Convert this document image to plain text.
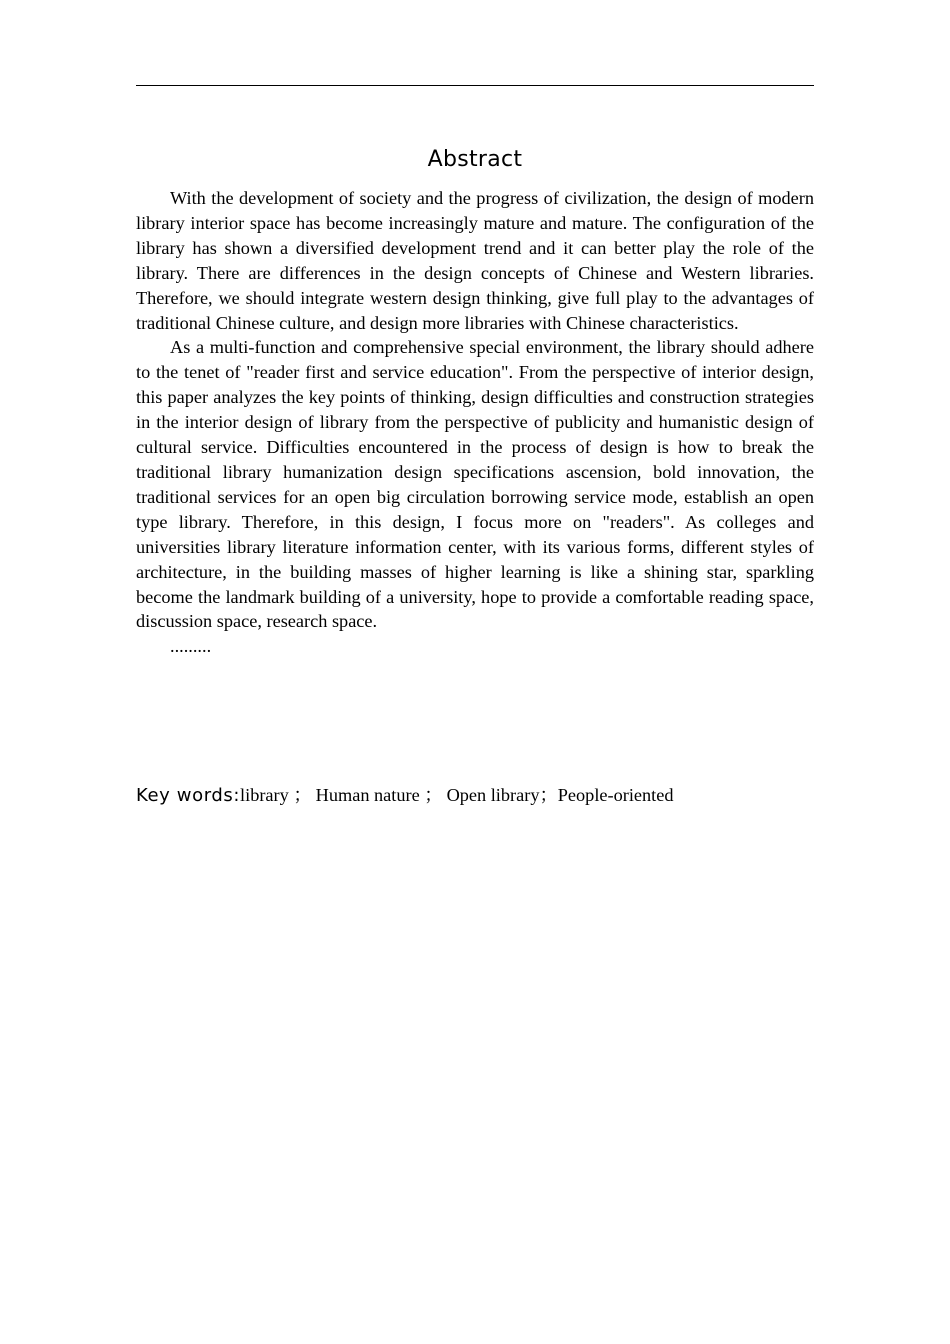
Abstract

With the development of society and the progress of civilization, the design of modern library interior space has become increasingly mature and mature. The configuration of the library has shown a diversified development trend and it can better play the role of the library. There are differences in the design concepts of Chinese and Western libraries. Therefore, we should integrate western design thinking, give full play to the advantages of traditional Chinese culture, and design more libraries with Chinese characteristics.

As a multi-function and comprehensive special environment, the library should adhere to the tenet of "reader first and service education". From the perspective of interior design, this paper analyzes the key points of thinking, design difficulties and construction strategies in the interior design of library from the perspective of publicity and humanistic design of cultural service. Difficulties encountered in the process of design is how to break the traditional library humanization design specifications ascension, bold innovation, the traditional services for an open big circulation borrowing service mode, establish an open type library. Therefore, in this design, I focus more on "readers". As colleges and universities library literature information center, with its various forms, different styles of architecture, in the building masses of higher learning is like a shining star, sparkling become the landmark building of a university, hope to provide a comfortable reading space, discussion space, research space.

.........

Key words:library ； Human nature ； Open library；People-oriented
